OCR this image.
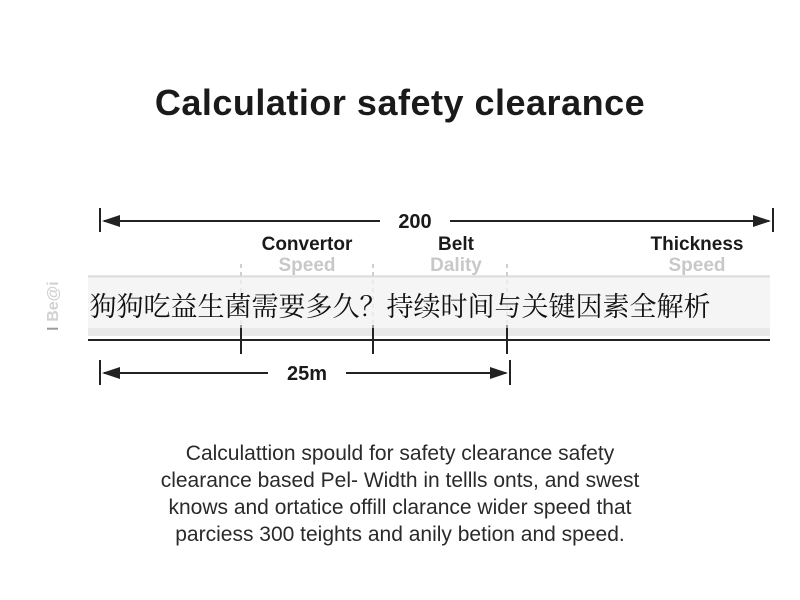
Calculatior safety clearance
200
Convertor
Speed
Belt
Dality
Thickness
Speed
25m
狗狗吃益生菌需要多久？持续时间与关键因素全解析
Calculattion spould for safety clearance safety
clearance based Pel- Width in tellls onts, and swest
knows and ortatice offill clarance wider speed that
parciess 300 teights and anily betion and speed.
